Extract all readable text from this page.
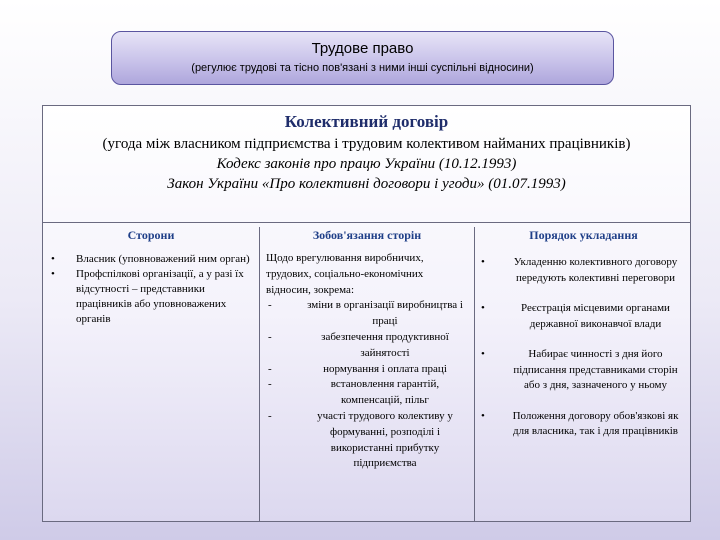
Трудове право
(регулює трудові та тісно пов'язані з ними інші суспільні відносини)
Колективний договір
(угода між власником підприємства і трудовим колективом найманих працівників)
Кодекс законів про працю України (10.12.1993)
Закон України «Про колективні договори і угоди» (01.07.1993)
Сторони
• Власник (уповноважений ним орган)
• Профспілкові організації, а у разі їх відсутності – представники працівників або уповноважених органів
Зобов'язання сторін
Щодо врегулювання виробничих, трудових, соціально-економічних відносин, зокрема:
-	зміни в організації виробництва і праці
-	забезпечення продуктивної зайнятості
-	нормування і оплата праці
-	встановлення гарантій, компенсацій, пільг
-	участі трудового колективу у формуванні, розподілі і використанні прибутку підприємства
Порядок укладання
•	Укладенню колективного договору передують колективні переговори
•	Реєстрація місцевими органами державної виконавчої влади
•	Набирає чинності з дня його підписання представниками сторін або з дня, зазначеного у ньому
•	Положення договору обов'язкові як для власника, так і для працівників
